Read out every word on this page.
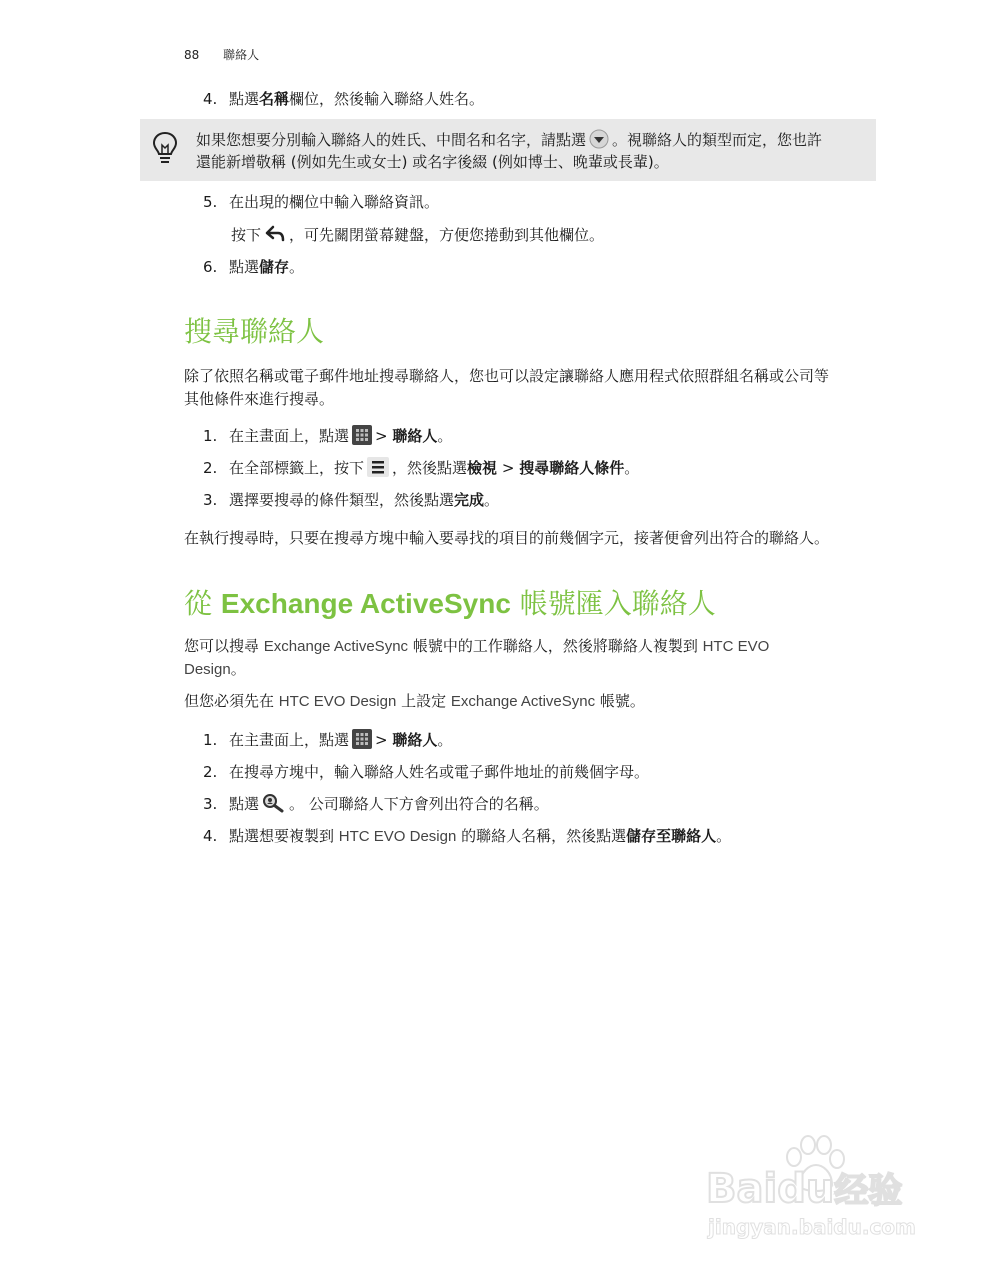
88 聯絡人
4. 點選名稱欄位，然後輸入聯絡人姓名。
如果您想要分別輸入聯絡人的姓氏、中間名和名字，請點選 。視聯絡人的類型而定，您也許
還能新增敬稱 (例如先生或女士) 或名字後綴 (例如博士、晚輩或長輩)。
5. 在出現的欄位中輸入聯絡資訊。
按下 ，可先關閉螢幕鍵盤，方便您捲動到其他欄位。
6. 點選儲存。
搜尋聯絡人
除了依照名稱或電子郵件地址搜尋聯絡人，您也可以設定讓聯絡人應用程式依照群組名稱或公司等
其他條件來進行搜尋。
1. 在主畫面上，點選 > 聯絡人。
2. 在全部標籤上，按下 ，然後點選檢視 > 搜尋聯絡人條件。
3. 選擇要搜尋的條件類型，然後點選完成。
在執行搜尋時，只要在搜尋方塊中輸入要尋找的項目的前幾個字元，接著便會列出符合的聯絡人。
從 Exchange ActiveSync 帳號匯入聯絡人
您可以搜尋 Exchange ActiveSync 帳號中的工作聯絡人，然後將聯絡人複製到 HTC EVO
Design。
但您必須先在 HTC EVO Design 上設定 Exchange ActiveSync 帳號。
1. 在主畫面上，點選 > 聯絡人。
2. 在搜尋方塊中，輸入聯絡人姓名或電子郵件地址的前幾個字母。
3. 點選 。 公司聯絡人下方會列出符合的名稱。
4. 點選想要複製到 HTC EVO Design 的聯絡人名稱，然後點選儲存至聯絡人。
Baidu经验
jingyan.baidu.com
